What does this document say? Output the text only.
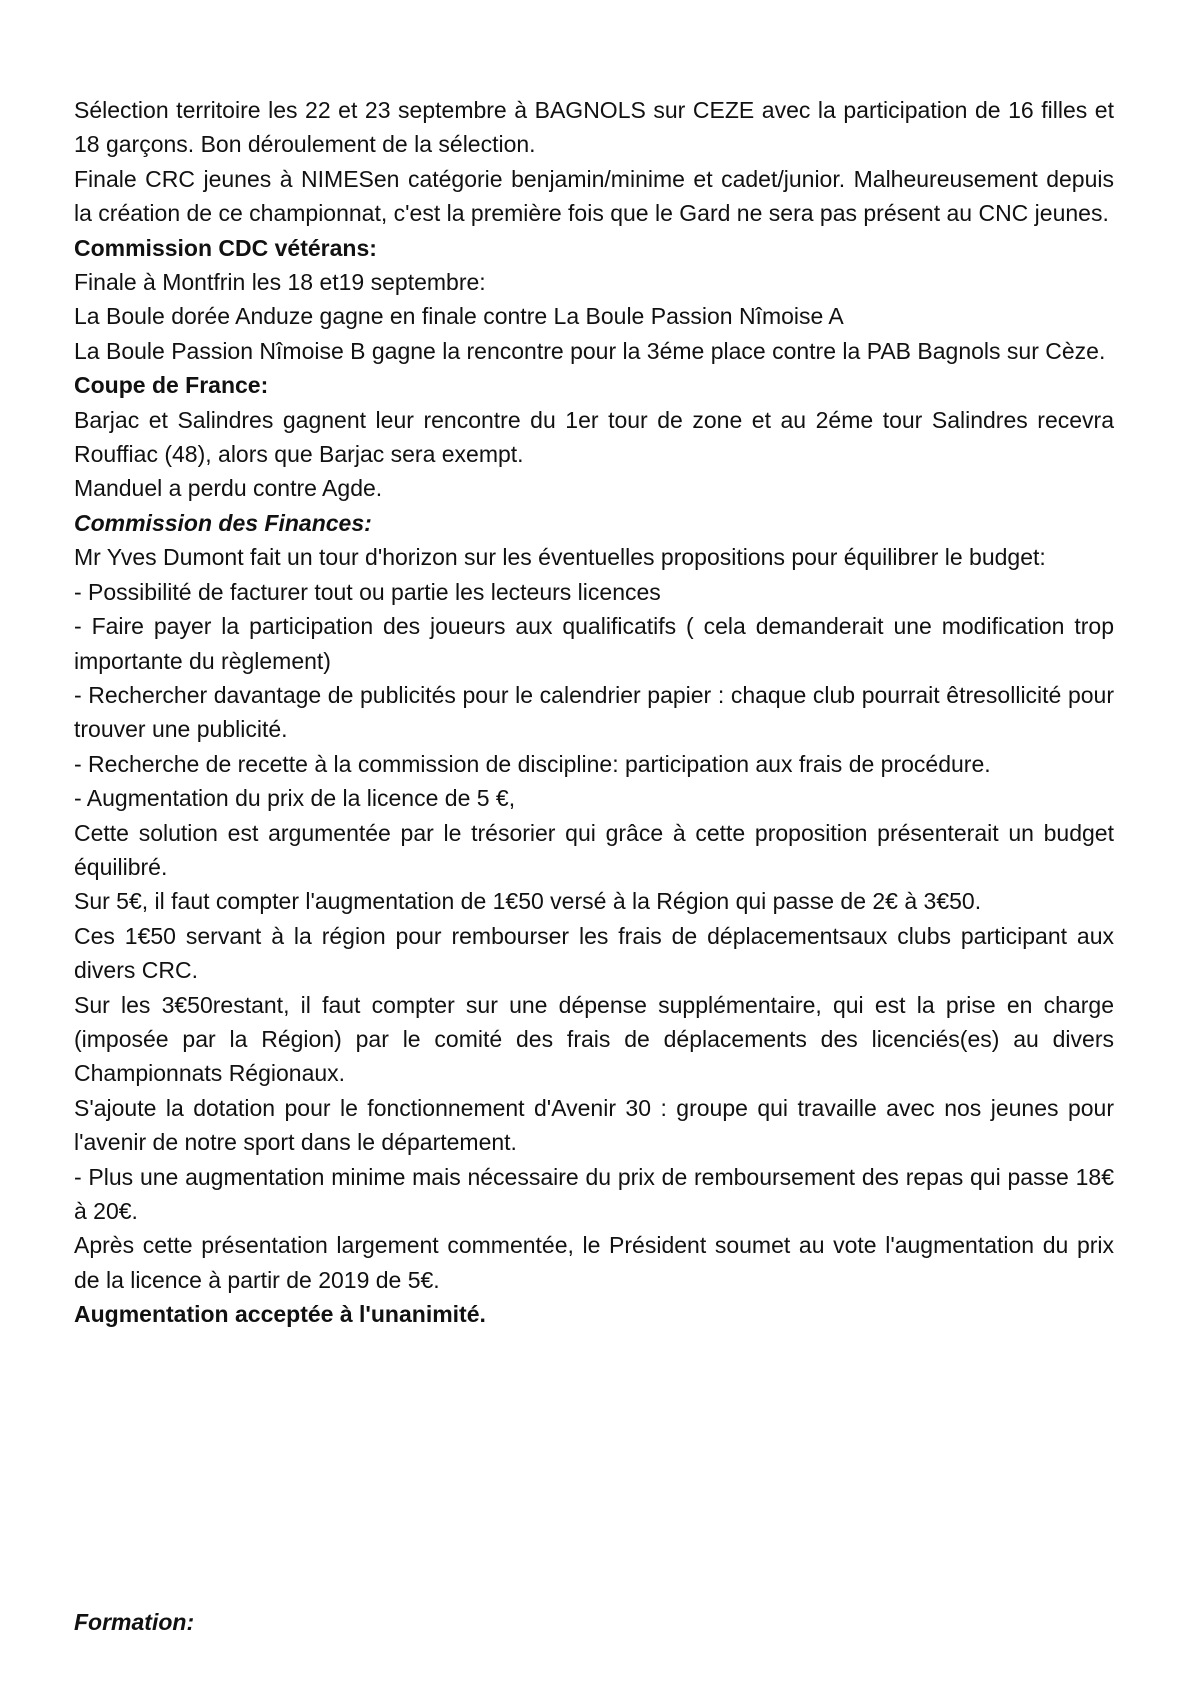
Sélection territoire les 22 et 23 septembre à BAGNOLS sur CEZE avec la participation de 16 filles et 18 garçons. Bon déroulement de la sélection.

Finale CRC jeunes à NIMESen catégorie benjamin/minime et cadet/junior. Malheureusement depuis la création de ce championnat, c'est la première fois que le Gard ne sera pas présent au CNC jeunes.

Commission CDC vétérans:

Finale à Montfrin les 18 et19 septembre:

La Boule dorée Anduze gagne en finale contre La Boule Passion Nîmoise A

La Boule Passion Nîmoise B gagne la rencontre pour la 3éme place contre la PAB Bagnols sur Cèze.

Coupe de France:

Barjac et Salindres gagnent leur rencontre du 1er tour de zone et au 2éme tour Salindres recevra Rouffiac (48), alors que Barjac sera exempt.

Manduel a perdu contre Agde.

Commission des Finances:

Mr Yves Dumont fait un tour d'horizon sur les éventuelles propositions pour équilibrer le budget:

- Possibilité de facturer tout ou partie les lecteurs licences

- Faire payer la participation des joueurs aux qualificatifs ( cela demanderait une modification trop importante du règlement)

- Rechercher davantage de publicités pour le calendrier papier : chaque club pourrait êtresollicité pour trouver une publicité.

- Recherche de recette à la commission de discipline: participation aux frais de procédure.

- Augmentation du prix de la licence de 5 €,

Cette solution est argumentée par le trésorier qui grâce à cette proposition présenterait un budget équilibré.

Sur 5€, il faut compter l'augmentation de 1€50 versé à la Région qui passe de 2€ à 3€50.

Ces 1€50 servant à la région pour rembourser les frais de déplacementsaux clubs participant aux divers CRC.

Sur les 3€50restant, il faut compter sur une dépense supplémentaire, qui est la prise en charge (imposée par la Région) par le comité des frais de déplacements des licenciés(es) au divers Championnats Régionaux.

S'ajoute la dotation pour le fonctionnement d'Avenir 30 : groupe qui travaille avec nos jeunes pour l'avenir de notre sport dans le département.

- Plus une augmentation minime mais nécessaire du prix de remboursement des repas qui passe 18€ à 20€.

Après cette présentation largement commentée, le Président soumet au vote l'augmentation du prix de la licence à partir de 2019 de 5€.

Augmentation acceptée à l'unanimité.

Formation:
